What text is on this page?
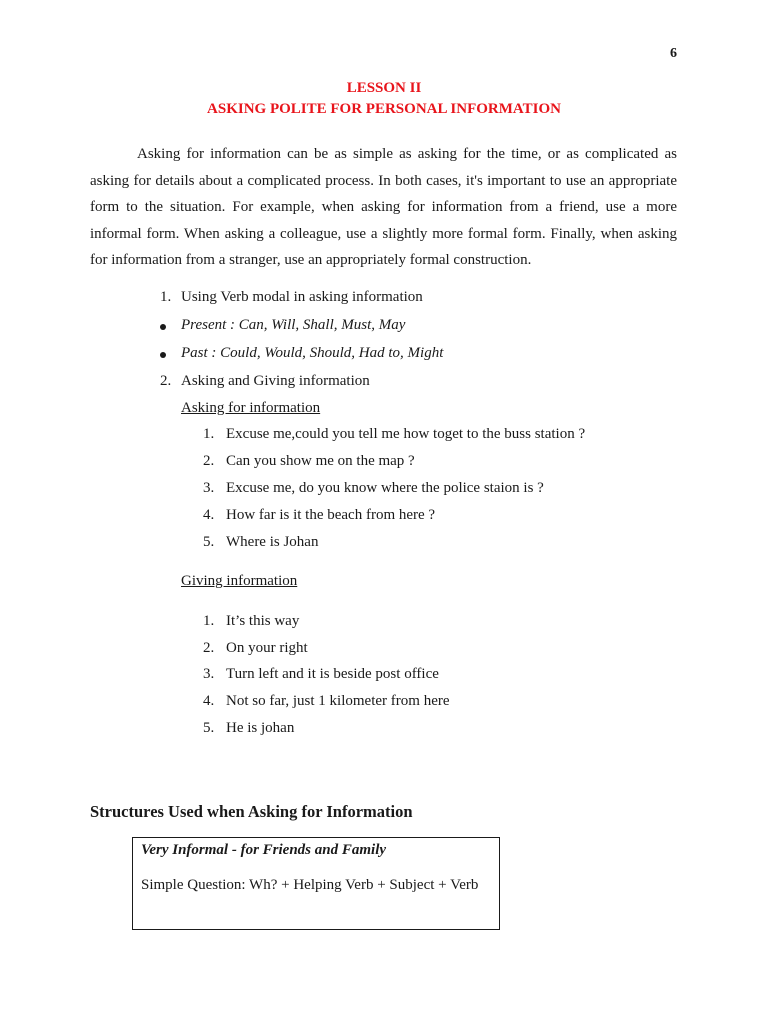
6
LESSON II
ASKING POLITE FOR PERSONAL INFORMATION

Asking for information can be as simple as asking for the time, or as complicated as asking for details about a complicated process. In both cases, it's important to use an appropriate form to the situation. For example, when asking for information from a friend, use a more informal form. When asking a colleague, use a slightly more formal form. Finally, when asking for information from a stranger, use an appropriately formal construction.

1. Using Verb modal in asking information
Present : Can, Will, Shall, Must, May
Past : Could, Would, Should, Had to, Might
2. Asking and Giving information
Asking for information
1. Excuse me,could you tell me how toget to the buss station ?
2. Can you show me on the map ?
3. Excuse me, do you know where the police staion is ?
4. How far is it the beach from here ?
5. Where is Johan
Giving information
1. It’s this way
2. On your right
3. Turn left and it is beside post office
4. Not so far, just 1 kilometer from here
5. He is johan
Structures Used when Asking for Information
Very Informal - for Friends and Family
Simple Question: Wh? + Helping Verb + Subject + Verb
